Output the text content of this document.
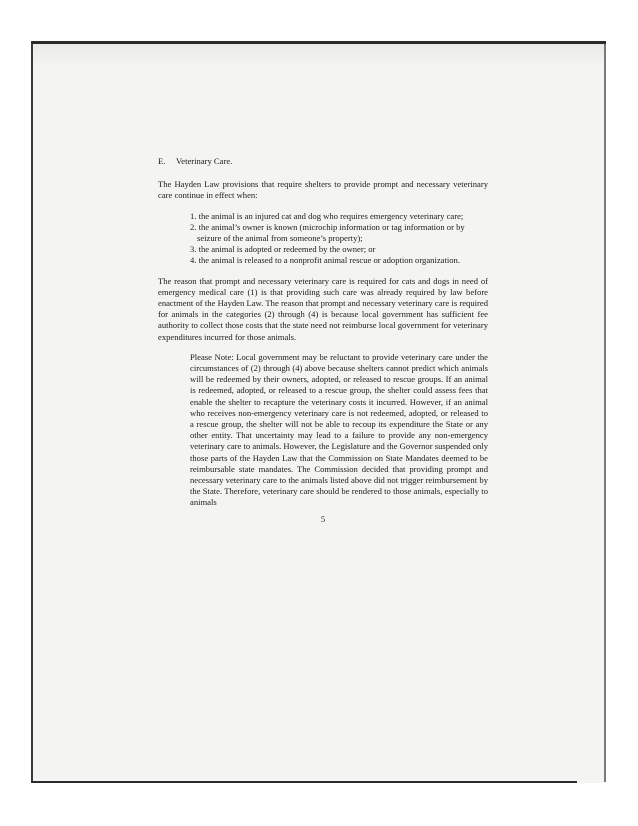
E. Veterinary Care.

The Hayden Law provisions that require shelters to provide prompt and necessary veterinary care continue in effect when:

1. the animal is an injured cat and dog who requires emergency veterinary care;
2. the animal’s owner is known (microchip information or tag information or by seizure of the animal from someone’s property);
3. the animal is adopted or redeemed by the owner; or
4. the animal is released to a nonprofit animal rescue or adoption organization.

The reason that prompt and necessary veterinary care is required for cats and dogs in need of emergency medical care (1) is that providing such care was already required by law before enactment of the Hayden Law. The reason that prompt and necessary veterinary care is required for animals in the categories (2) through (4) is because local government has sufficient fee authority to collect those costs that the state need not reimburse local government for veterinary expenditures incurred for those animals.

Please Note: Local government may be reluctant to provide veterinary care under the circumstances of (2) through (4) above because shelters cannot predict which animals will be redeemed by their owners, adopted, or released to rescue groups. If an animal is redeemed, adopted, or released to a rescue group, the shelter could assess fees that enable the shelter to recapture the veterinary costs it incurred. However, if an animal who receives non-emergency veterinary care is not redeemed, adopted, or released to a rescue group, the shelter will not be able to recoup its expenditure the State or any other entity. That uncertainty may lead to a failure to provide any non-emergency veterinary care to animals. However, the Legislature and the Governor suspended only those parts of the Hayden Law that the Commission on State Mandates deemed to be reimbursable state mandates. The Commission decided that providing prompt and necessary veterinary care to the animals listed above did not trigger reimbursement by the State. Therefore, veterinary care should be rendered to those animals, especially to animals

5
